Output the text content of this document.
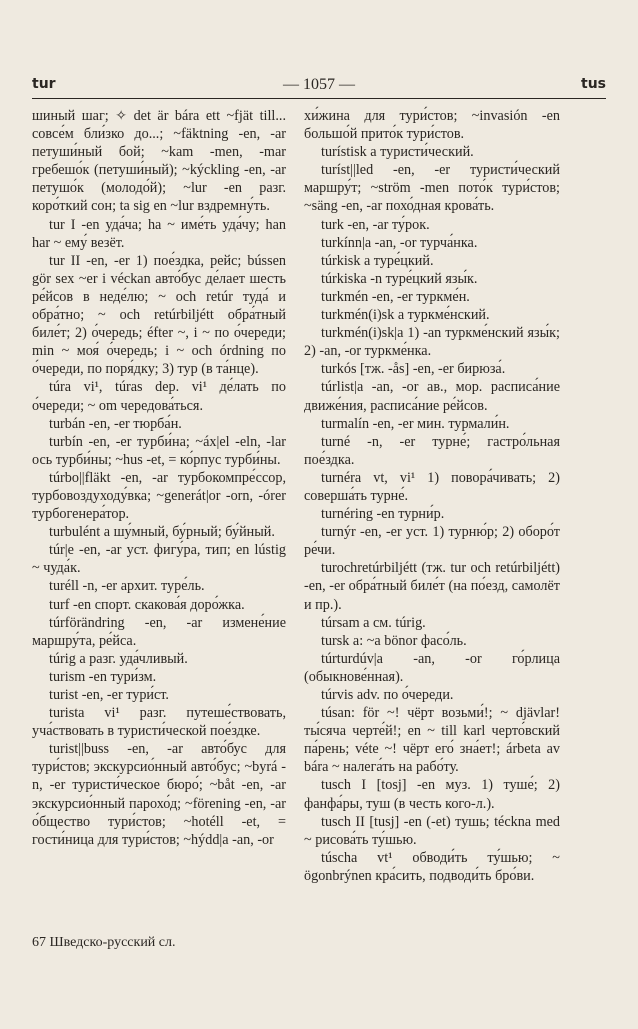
tur	— 1057 —	tus

шиный шаг; ✧ det är bára ett ~fjät till... совсе́м бли́зко до...; ~fäktning -en, -ar петуши́ный бой; ~kam -men, -mar гребешо́к (петуши́ный); ~kýckling -en, -ar петушо́к (молодо́й); ~lur -en разг. коро́ткий сон; ta sig en ~lur вздремну́ть.

tur I -en уда́ча; ha ~ име́ть уда́чу; han har ~ ему́ везёт.

tur II -en, -er 1) пое́здка, рейс; bússen gör sex ~er i véckan авто́бус де́лает шесть ре́йсов в неде́лю; ~ och retúr туда́ и обра́тно; ~ och retúrbiljétt обра́тный биле́т; 2) о́чередь; éfter ~, i ~ по о́череди; min ~ моя́ о́чередь; i ~ och órdning по о́череди, по поря́дку; 3) тур (в та́нце).

túra vi¹, túras dep. vi¹ де́лать по о́череди; ~ om чередова́ться.

turbán -en, -er тюрба́н.

turbín -en, -er турби́на; ~áx|el -eln, -lar ось турби́ны; ~hus -et, = ко́рпус турби́ны.

túrbo||fläkt -en, -ar турбокомпре́ссор, турбовоздуходу́вка; ~generát|or -orn, -órer турбогенера́тор.

turbulént a шу́мный, бу́рный; бу́йный.

túr|e -en, -ar уст. фигу́ра, тип; en lústig ~ чуда́к.

turéll -n, -er архит. туре́ль.

turf -en спорт. скакова́я доро́жка.

túrförändring -en, -ar измене́ние маршру́та, ре́йса.

túrig a разг. уда́чливый.

turism -en тури́зм.

turist -en, -er тури́ст.

turista vi¹ разг. путеше́ствовать, уча́ствовать в туристи́ческой пое́здке.

turist||buss -en, -ar авто́бус для тури́стов; экскурсио́нный авто́бус; ~byrá -n, -er туристи́ческое бюро́; ~båt -en, -ar экскурсио́нный парохо́д; ~förening -en, -ar о́бщество тури́стов; ~hotéll -et, = гости́ница для тури́стов; ~hýdd|a -an, -or

хи́жина для тури́стов; ~invasión -en большо́й прито́к тури́стов.

turístisk a туристи́ческий.

turíst||led -en, -er туристи́ческий маршру́т; ~ström -men пото́к тури́стов; ~säng -en, -ar похо́дная крова́ть.

turk -en, -ar ту́рок.

turkínn|a -an, -or турча́нка.

túrkisk a туре́цкий.

túrkiska -n туре́цкий язы́к.

turkmén -en, -er туркме́н.

turkmén(i)sk a туркме́нский.

turkmén(i)sk|a 1) -an туркме́нский язы́к; 2) -an, -or туркме́нка.

turkós [тж. -ås] -en, -er бирюза́.

túrlist|a -an, -or ав., мор. расписа́ние движе́ния, расписа́ние ре́йсов.

turmalín -en, -er мин. турмали́н.

turné -n, -er турне́; гастро́льная пое́здка.

turnéra vt, vi¹ 1) повора́чивать; 2) соверша́ть турне́.

turnéring -en турни́р.

turnýr -en, -er уст. 1) турню́р; 2) оборо́т ре́чи.

turochretúrbiljétt (тж. tur och retúrbiljétt) -en, -er обра́тный биле́т (на по́езд, самолёт и пр.).

túrsam a см. túrig.

tursk a: ~a bönor фасо́ль.

túrturdúv|a -an, -or го́рлица (обыкнове́нная).

túrvis adv. по о́череди.

túsan: för ~! чёрт возьми́!; ~ djävlar! ты́сяча черте́й!; en ~ till karl черто́вский па́рень; véte ~! чёрт его́ зна́ет!; árbeta av bára ~ налега́ть на рабо́ту.

tusch I [tosj] -en муз. 1) туше́; 2) фанфа́ры, туш (в честь кого-л.).

tusch II [tusj] -en (-et) тушь; técknа med ~ рисова́ть ту́шью.

túscha vt¹ обводи́ть ту́шью; ~ ögonbrýnen кра́сить, подводи́ть бро́ви.

67 Шведско-русский сл.
